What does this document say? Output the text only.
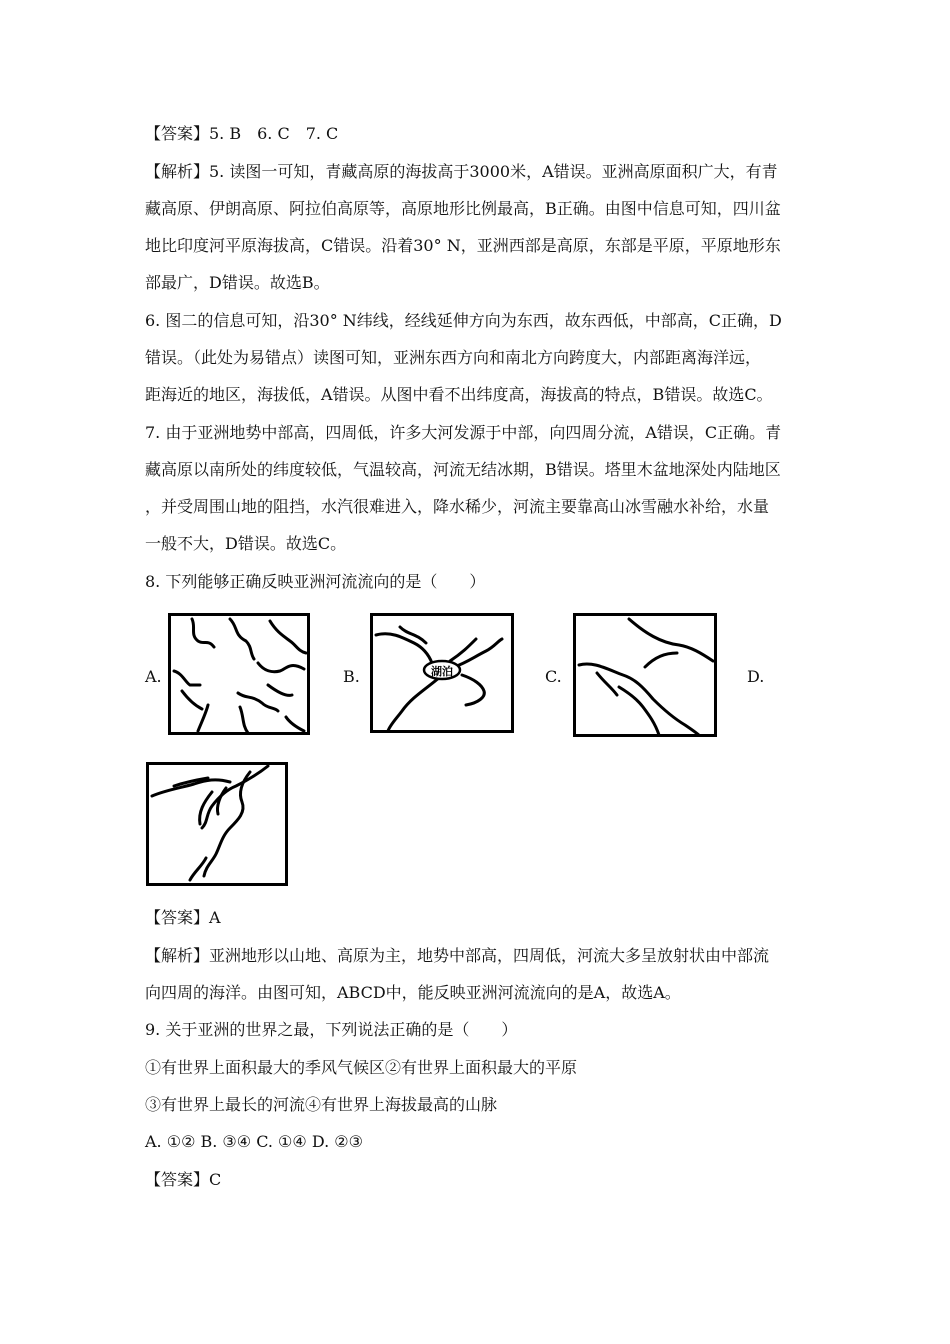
【答案】5. B　6. C　7. C
【解析】5. 读图一可知，青藏高原的海拔高于3000米，A错误。亚洲高原面积广大，有青
藏高原、伊朗高原、阿拉伯高原等，高原地形比例最高，B正确。由图中信息可知，四川盆
地比印度河平原海拔高，C错误。沿着30° N，亚洲西部是高原，东部是平原，平原地形东
部最广，D错误。故选B。
6. 图二的信息可知，沿30° N纬线，经线延伸方向为东西，故东西低，中部高，C正确，D
错误。（此处为易错点）读图可知，亚洲东西方向和南北方向跨度大，内部距离海洋远，
距海近的地区，海拔低，A错误。从图中看不出纬度高，海拔高的特点，B错误。故选C。
7. 由于亚洲地势中部高，四周低，许多大河发源于中部，向四周分流，A错误，C正确。青
藏高原以南所处的纬度较低，气温较高，河流无结冰期，B错误。塔里木盆地深处内陆地区
，并受周围山地的阻挡，水汽很难进入，降水稀少，河流主要靠高山冰雪融水补给，水量
一般不大，D错误。故选C。
8. 下列能够正确反映亚洲河流流向的是（　　）
A.	B.	C.	D.
湖泊
【答案】A
【解析】亚洲地形以山地、高原为主，地势中部高，四周低，河流大多呈放射状由中部流
向四周的海洋。由图可知，ABCD中，能反映亚洲河流流向的是A，故选A。
9. 关于亚洲的世界之最，下列说法正确的是（　　）
①有世界上面积最大的季风气候区②有世界上面积最大的平原
③有世界上最长的河流④有世界上海拔最高的山脉
A. ①② B. ③④ C. ①④ D. ②③
【答案】C
